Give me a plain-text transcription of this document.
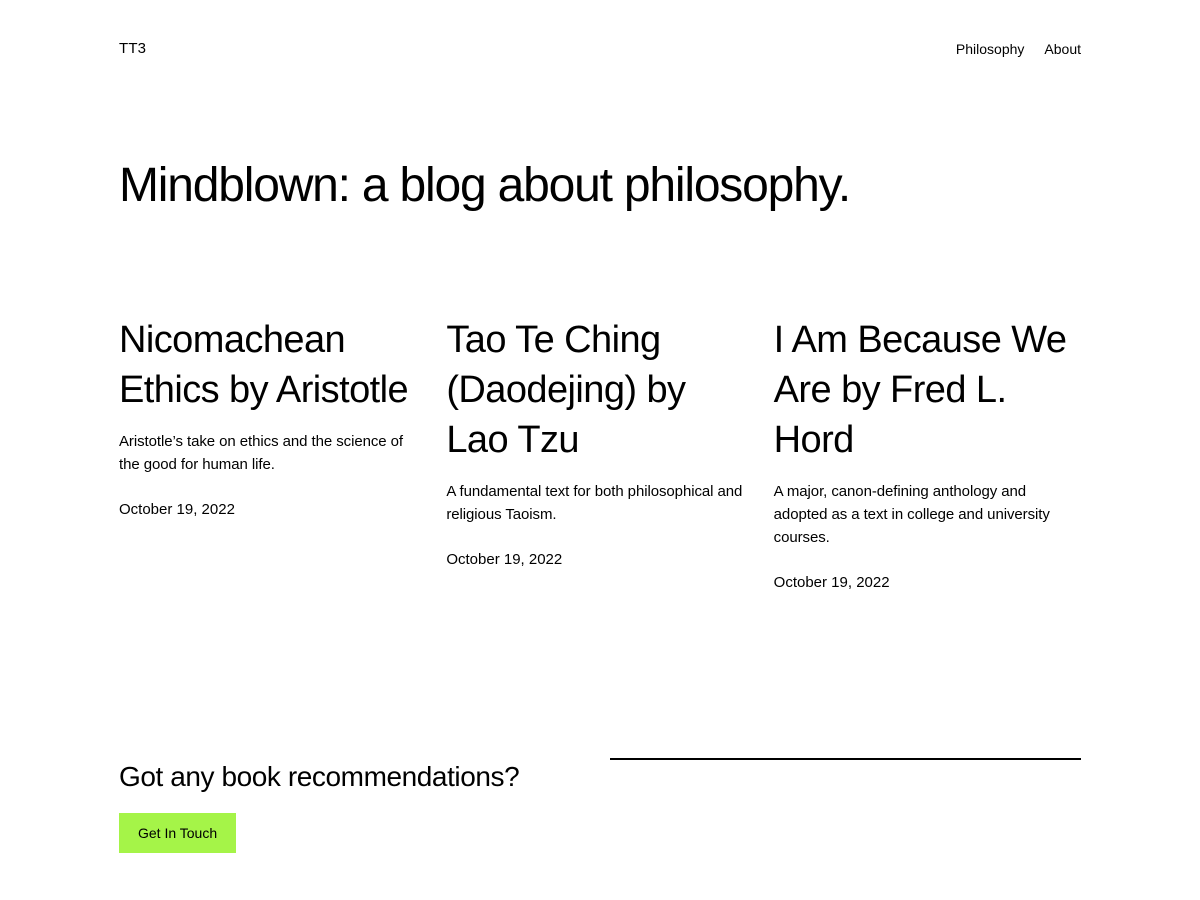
TT3	Philosophy About
Mindblown: a blog about philosophy.
Nicomachean Ethics by Aristotle

Aristotle’s take on ethics and the science of the good for human life.

October 19, 2022
Tao Te Ching (Daodejing) by Lao Tzu

A fundamental text for both philosophical and religious Taoism.

October 19, 2022
I Am Because We Are by Fred L. Hord

A major, canon-defining anthology and adopted as a text in college and university courses.

October 19, 2022
Got any book recommendations?
Get In Touch
